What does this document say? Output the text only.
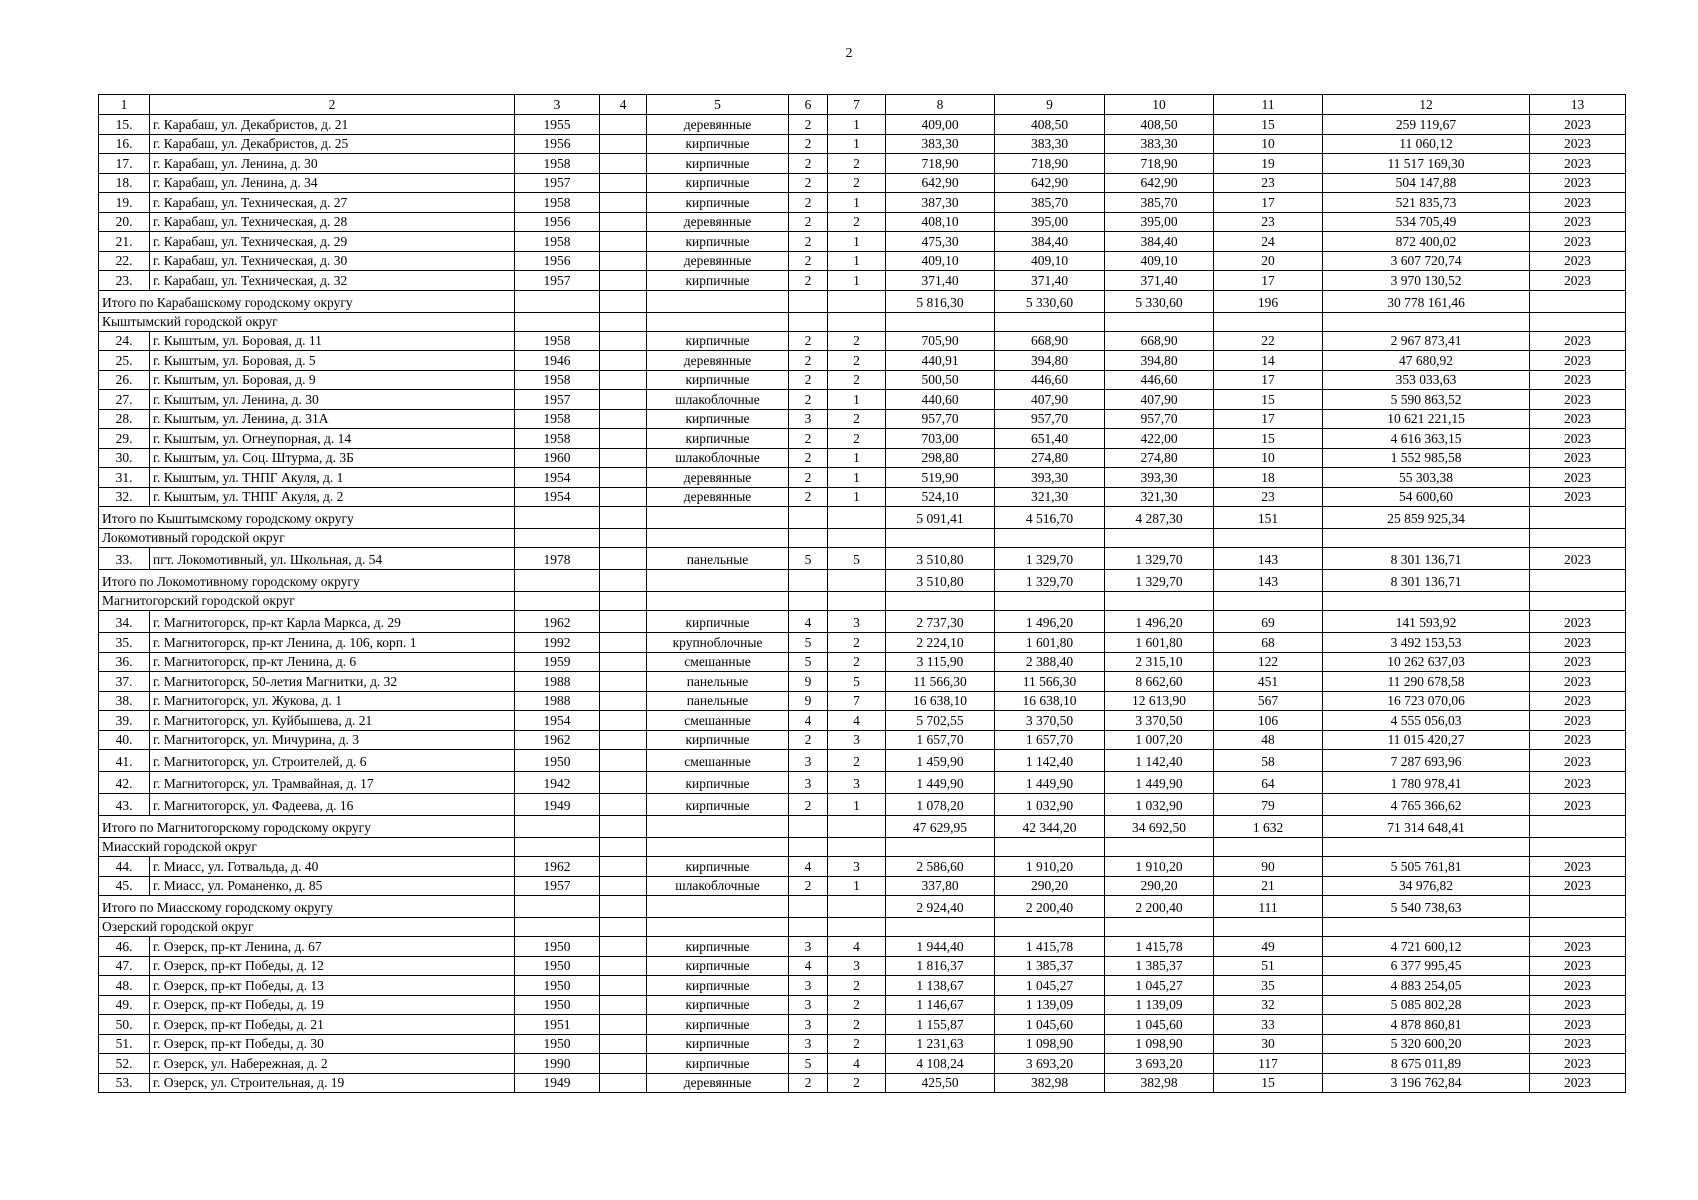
2
1	2	3	4	5	6	7	8	9	10	11	12	13
15.	г. Карабаш, ул. Декабристов, д. 21	1955		деревянные	2	1	409,00	408,50	408,50	15	259 119,67	2023
16.	г. Карабаш, ул. Декабристов, д. 25	1956		кирпичные	2	1	383,30	383,30	383,30	10	11 060,12	2023
17.	г. Карабаш, ул. Ленина, д. 30	1958		кирпичные	2	2	718,90	718,90	718,90	19	11 517 169,30	2023
18.	г. Карабаш, ул. Ленина, д. 34	1957		кирпичные	2	2	642,90	642,90	642,90	23	504 147,88	2023
19.	г. Карабаш, ул. Техническая, д. 27	1958		кирпичные	2	1	387,30	385,70	385,70	17	521 835,73	2023
20.	г. Карабаш, ул. Техническая, д. 28	1956		деревянные	2	2	408,10	395,00	395,00	23	534 705,49	2023
21.	г. Карабаш, ул. Техническая, д. 29	1958		кирпичные	2	1	475,30	384,40	384,40	24	872 400,02	2023
22.	г. Карабаш, ул. Техническая, д. 30	1956		деревянные	2	1	409,10	409,10	409,10	20	3 607 720,74	2023
23.	г. Карабаш, ул. Техническая, д. 32	1957		кирпичные	2	1	371,40	371,40	371,40	17	3 970 130,52	2023
Итого по Карабашскому городскому округу							5 816,30	5 330,60	5 330,60	196	30 778 161,46	
Кыштымский городской округ												
24.	г. Кыштым, ул. Боровая, д. 11	1958		кирпичные	2	2	705,90	668,90	668,90	22	2 967 873,41	2023
25.	г. Кыштым, ул. Боровая, д. 5	1946		деревянные	2	2	440,91	394,80	394,80	14	47 680,92	2023
26.	г. Кыштым, ул. Боровая, д. 9	1958		кирпичные	2	2	500,50	446,60	446,60	17	353 033,63	2023
27.	г. Кыштым, ул. Ленина, д. 30	1957		шлакоблочные	2	1	440,60	407,90	407,90	15	5 590 863,52	2023
28.	г. Кыштым, ул. Ленина, д. 31А	1958		кирпичные	3	2	957,70	957,70	957,70	17	10 621 221,15	2023
29.	г. Кыштым, ул. Огнеупорная, д. 14	1958		кирпичные	2	2	703,00	651,40	422,00	15	4 616 363,15	2023
30.	г. Кыштым, ул. Соц. Штурма, д. 3Б	1960		шлакоблочные	2	1	298,80	274,80	274,80	10	1 552 985,58	2023
31.	г. Кыштым, ул. ТНПГ Акуля, д. 1	1954		деревянные	2	1	519,90	393,30	393,30	18	55 303,38	2023
32.	г. Кыштым, ул. ТНПГ Акуля, д. 2	1954		деревянные	2	1	524,10	321,30	321,30	23	54 600,60	2023
Итого по Кыштымскому городскому округу							5 091,41	4 516,70	4 287,30	151	25 859 925,34	
Локомотивный городской округ												
33.	пгт. Локомотивный, ул. Школьная, д. 54	1978		панельные	5	5	3 510,80	1 329,70	1 329,70	143	8 301 136,71	2023
Итого по Локомотивному городскому округу							3 510,80	1 329,70	1 329,70	143	8 301 136,71	
Магнитогорский городской округ												
34.	г. Магнитогорск, пр-кт Карла Маркса, д. 29	1962		кирпичные	4	3	2 737,30	1 496,20	1 496,20	69	141 593,92	2023
35.	г. Магнитогорск, пр-кт Ленина, д. 106, корп. 1	1992		крупноблочные	5	2	2 224,10	1 601,80	1 601,80	68	3 492 153,53	2023
36.	г. Магнитогорск, пр-кт Ленина, д. 6	1959		смешанные	5	2	3 115,90	2 388,40	2 315,10	122	10 262 637,03	2023
37.	г. Магнитогорск, 50-летия Магнитки, д. 32	1988		панельные	9	5	11 566,30	11 566,30	8 662,60	451	11 290 678,58	2023
38.	г. Магнитогорск, ул. Жукова, д. 1	1988		панельные	9	7	16 638,10	16 638,10	12 613,90	567	16 723 070,06	2023
39.	г. Магнитогорск, ул. Куйбышева, д. 21	1954		смешанные	4	4	5 702,55	3 370,50	3 370,50	106	4 555 056,03	2023
40.	г. Магнитогорск, ул. Мичурина, д. 3	1962		кирпичные	2	3	1 657,70	1 657,70	1 007,20	48	11 015 420,27	2023
41.	г. Магнитогорск, ул. Строителей, д. 6	1950		смешанные	3	2	1 459,90	1 142,40	1 142,40	58	7 287 693,96	2023
42.	г. Магнитогорск, ул. Трамвайная, д. 17	1942		кирпичные	3	3	1 449,90	1 449,90	1 449,90	64	1 780 978,41	2023
43.	г. Магнитогорск, ул. Фадеева, д. 16	1949		кирпичные	2	1	1 078,20	1 032,90	1 032,90	79	4 765 366,62	2023
Итого по Магнитогорскому городскому округу							47 629,95	42 344,20	34 692,50	1 632	71 314 648,41	
Миасский городской округ												
44.	г. Миасс, ул. Готвальда, д. 40	1962		кирпичные	4	3	2 586,60	1 910,20	1 910,20	90	5 505 761,81	2023
45.	г. Миасс, ул. Романенко, д. 85	1957		шлакоблочные	2	1	337,80	290,20	290,20	21	34 976,82	2023
Итого по Миасскому городскому округу							2 924,40	2 200,40	2 200,40	111	5 540 738,63	
Озерский городской округ												
46.	г. Озерск, пр-кт Ленина, д. 67	1950		кирпичные	3	4	1 944,40	1 415,78	1 415,78	49	4 721 600,12	2023
47.	г. Озерск, пр-кт Победы, д. 12	1950		кирпичные	4	3	1 816,37	1 385,37	1 385,37	51	6 377 995,45	2023
48.	г. Озерск, пр-кт Победы, д. 13	1950		кирпичные	3	2	1 138,67	1 045,27	1 045,27	35	4 883 254,05	2023
49.	г. Озерск, пр-кт Победы, д. 19	1950		кирпичные	3	2	1 146,67	1 139,09	1 139,09	32	5 085 802,28	2023
50.	г. Озерск, пр-кт Победы, д. 21	1951		кирпичные	3	2	1 155,87	1 045,60	1 045,60	33	4 878 860,81	2023
51.	г. Озерск, пр-кт Победы, д. 30	1950		кирпичные	3	2	1 231,63	1 098,90	1 098,90	30	5 320 600,20	2023
52.	г. Озерск, ул. Набережная, д. 2	1990		кирпичные	5	4	4 108,24	3 693,20	3 693,20	117	8 675 011,89	2023
53.	г. Озерск, ул. Строительная, д. 19	1949		деревянные	2	2	425,50	382,98	382,98	15	3 196 762,84	2023
